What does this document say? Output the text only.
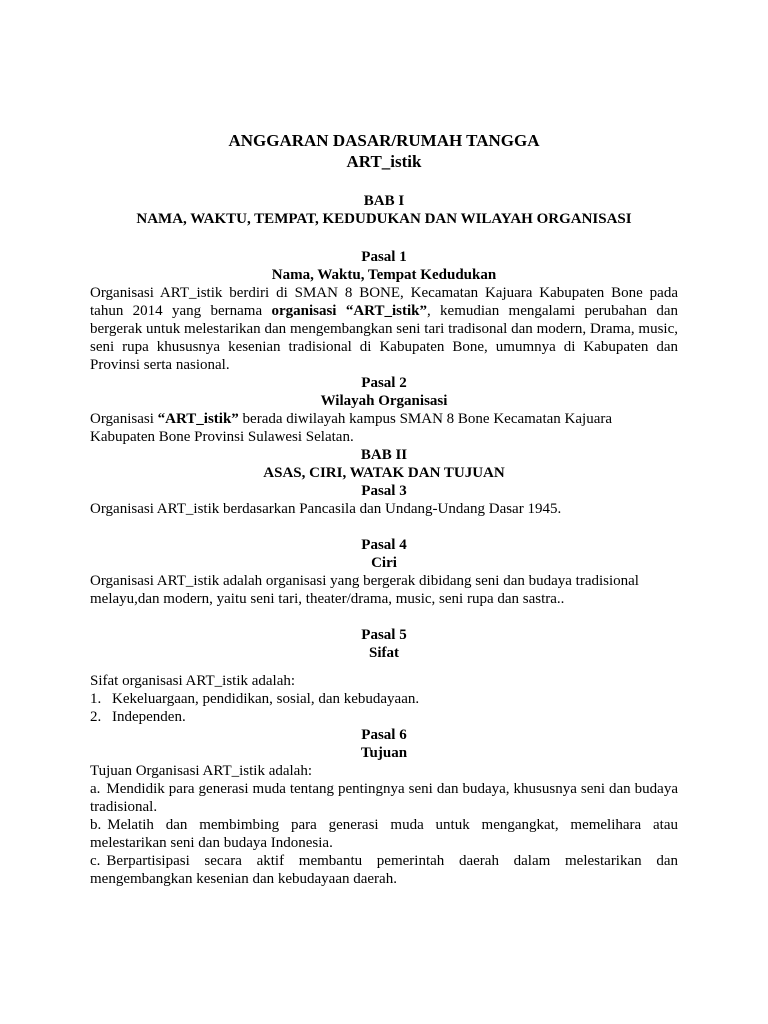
ANGGARAN DASAR/RUMAH TANGGA
ART_istik
BAB I
NAMA, WAKTU, TEMPAT, KEDUDUKAN DAN WILAYAH ORGANISASI
Pasal 1
Nama, Waktu, Tempat Kedudukan

Organisasi ART_istik berdiri di SMAN 8 BONE, Kecamatan Kajuara Kabupaten Bone pada tahun 2014 yang bernama organisasi “ART_istik”, kemudian mengalami perubahan dan bergerak untuk melestarikan dan mengembangkan seni tari tradisonal dan modern, Drama, music, seni rupa khususnya kesenian tradisional di Kabupaten Bone, umumnya di Kabupaten dan Provinsi serta nasional.

Pasal 2
Wilayah Organisasi

Organisasi “ART_istik” berada diwilayah kampus SMAN 8 Bone Kecamatan Kajuara Kabupaten Bone Provinsi Sulawesi Selatan.

BAB II
ASAS, CIRI, WATAK DAN TUJUAN
Pasal 3

Organisasi ART_istik berdasarkan Pancasila dan Undang-Undang Dasar 1945.

Pasal 4
Ciri

Organisasi ART_istik adalah organisasi yang bergerak dibidang seni dan budaya tradisional melayu,dan modern, yaitu seni tari, theater/drama, music, seni rupa dan sastra..

Pasal 5
Sifat

Sifat organisasi ART_istik adalah:

1. Kekeluargaan, pendidikan, sosial, dan kebudayaan.
2. Independen.
Pasal 6
Tujuan

Tujuan Organisasi ART_istik adalah:

a. Mendidik para generasi muda tentang pentingnya seni dan budaya, khususnya seni dan budaya tradisional.

b. Melatih dan membimbing para generasi muda untuk mengangkat, memelihara atau melestarikan seni dan budaya Indonesia.

c. Berpartisipasi secara aktif membantu pemerintah daerah dalam melestarikan dan mengembangkan kesenian dan kebudayaan daerah.
